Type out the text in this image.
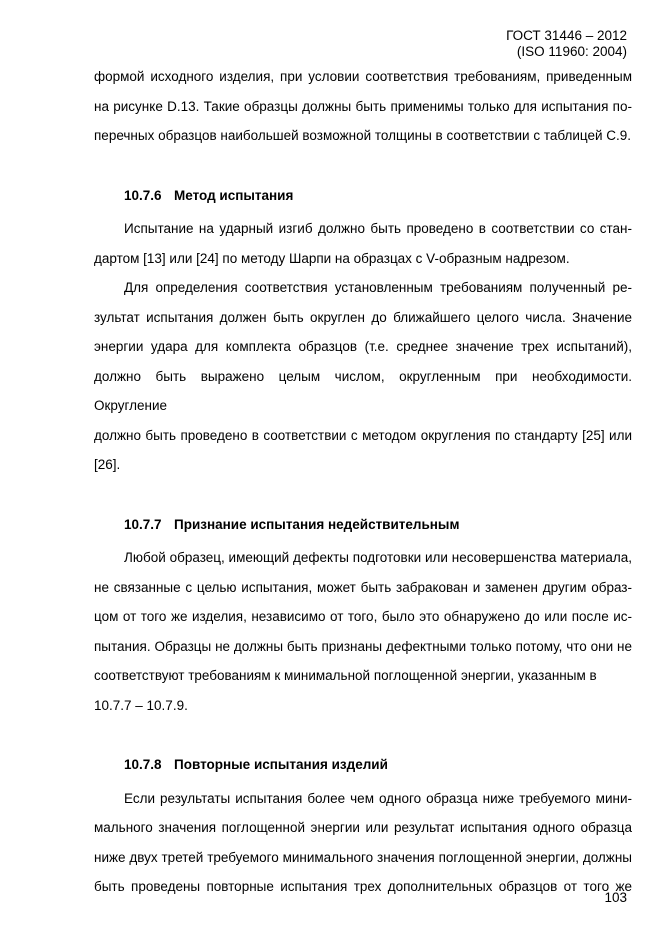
ГОСТ 31446 – 2012
(ISO 11960: 2004)
формой исходного изделия, при условии соответствия требованиям, приведенным
на рисунке D.13. Такие образцы должны быть применимы только для испытания по-
перечных образцов наибольшей возможной толщины в соответствии с таблицей С.9.
10.7.6 Метод испытания
Испытание на ударный изгиб должно быть проведено в соответствии со стан-
дартом [13] или [24] по методу Шарпи на образцах с V-образным надрезом.
Для определения соответствия установленным требованиям полученный ре-
зультат испытания должен быть округлен до ближайшего целого числа. Значение
энергии удара для комплекта образцов (т.е. среднее значение трех испытаний),
должно быть выражено целым числом, округленным при необходимости. Округление
должно быть проведено в соответствии с методом округления по стандарту [25] или
[26].
10.7.7 Признание испытания недействительным
Любой образец, имеющий дефекты подготовки или несовершенства материала,
не связанные с целью испытания, может быть забракован и заменен другим образ-
цом от того же изделия, независимо от того, было это обнаружено до или после ис-
пытания. Образцы не должны быть признаны дефектными только потому, что они не
соответствуют требованиям к минимальной поглощенной энергии, указанным в
10.7.7 – 10.7.9.
10.7.8 Повторные испытания изделий
Если результаты испытания более чем одного образца ниже требуемого мини-
мального значения поглощенной энергии или результат испытания одного образца
ниже двух третей требуемого минимального значения поглощенной энергии, должны
быть проведены повторные испытания трех дополнительных образцов от того же
103
